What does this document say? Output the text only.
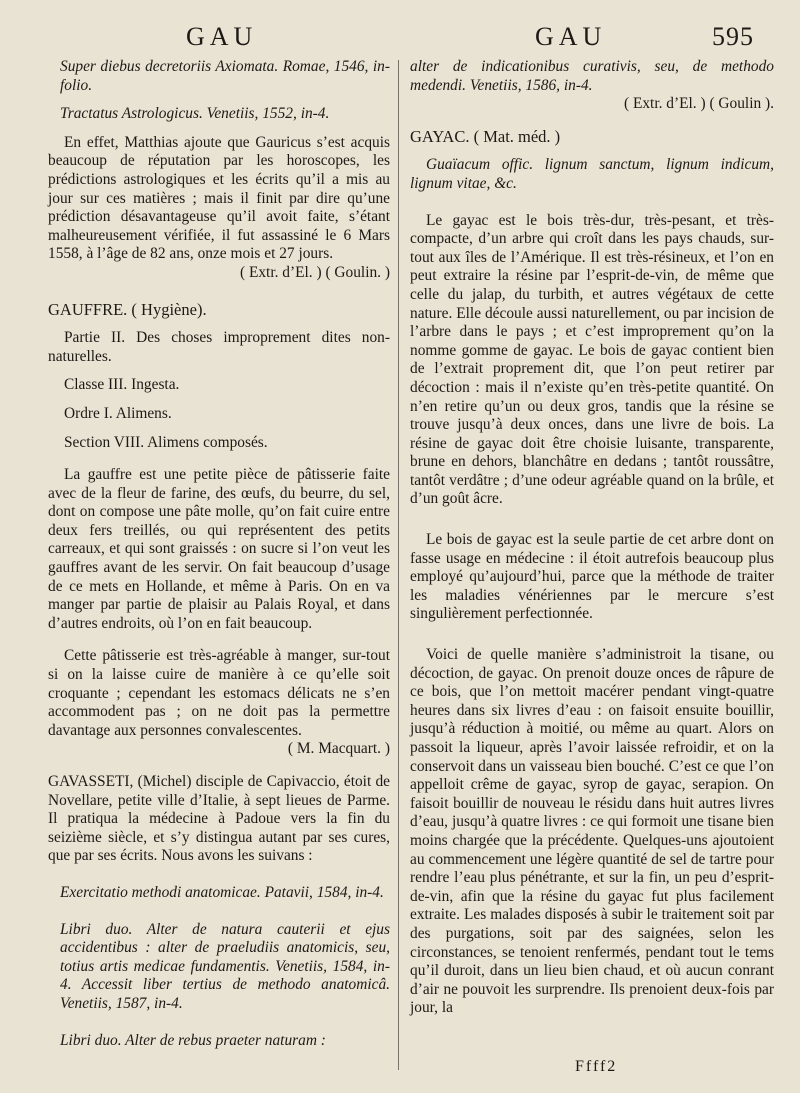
GAU	GAU	595

Super diebus decretoriis Axiomata. Romae, 1546, in-folio.

Tractatus Astrologicus. Venetiis, 1552, in-4.

En effet, Matthias ajoute que Gauricus s’est acquis beaucoup de réputation par les horoscopes, les prédictions astrologiques et les écrits qu’il a mis au jour sur ces matières ; mais il finit par dire qu’une prédiction désavantageuse qu’il avoit faite, s’étant malheureusement vérifiée, il fut assassiné le 6 Mars 1558, à l’âge de 82 ans, onze mois et 27 jours.

( Extr. d’El. ) ( Goulin. )

GAUFFRE. ( Hygiène).

Partie II. Des choses improprement dites non-naturelles.

Classe III. Ingesta.

Ordre I. Alimens.

Section VIII. Alimens composés.

La gauffre est une petite pièce de pâtisserie faite avec de la fleur de farine, des œufs, du beurre, du sel, dont on compose une pâte molle, qu’on fait cuire entre deux fers treillés, ou qui représentent des petits carreaux, et qui sont graissés : on sucre si l’on veut les gauffres avant de les servir. On fait beaucoup d’usage de ce mets en Hollande, et même à Paris. On en va manger par partie de plaisir au Palais Royal, et dans d’autres endroits, où l’on en fait beaucoup.

Cette pâtisserie est très-agréable à manger, sur-tout si on la laisse cuire de manière à ce qu’elle soit croquante ; cependant les estomacs délicats ne s’en accommodent pas ; on ne doit pas la permettre davantage aux personnes convalescentes.

( M. Macquart. )

GAVASSETI, (Michel) disciple de Capivaccio, étoit de Novellare, petite ville d’Italie, à sept lieues de Parme. Il pratiqua la médecine à Padoue vers la fin du seizième siècle, et s’y distingua autant par ses cures, que par ses écrits. Nous avons les suivans :

Exercitatio methodi anatomicae. Patavii, 1584, in-4.

Libri duo. Alter de natura cauterii et ejus accidentibus : alter de praeludiis anatomicis, seu, totius artis medicae fundamentis. Venetiis, 1584, in-4. Accessit liber tertius de methodo anatomicâ. Venetiis, 1587, in-4.

Libri duo. Alter de rebus praeter naturam :

alter de indicationibus curativis, seu, de methodo medendi. Venetiis, 1586, in-4.

( Extr. d’El. ) ( Goulin ).

GAYAC. ( Mat. méd. )

Guaïacum offic. lignum sanctum, lignum indicum, lignum vitae, &c.

Le gayac est le bois très-dur, très-pesant, et très-compacte, d’un arbre qui croît dans les pays chauds, sur-tout aux îles de l’Amérique. Il est très-résineux, et l’on en peut extraire la résine par l’esprit-de-vin, de même que celle du jalap, du turbith, et autres végétaux de cette nature. Elle découle aussi naturellement, ou par incision de l’arbre dans le pays ; et c’est improprement qu’on la nomme gomme de gayac. Le bois de gayac contient bien de l’extrait proprement dit, que l’on peut retirer par décoction : mais il n’existe qu’en très-petite quantité. On n’en retire qu’un ou deux gros, tandis que la résine se trouve jusqu’à deux onces, dans une livre de bois. La résine de gayac doit être choisie luisante, transparente, brune en dehors, blanchâtre en dedans ; tantôt roussâtre, tantôt verdâtre ; d’une odeur agréable quand on la brûle, et d’un goût âcre.

Le bois de gayac est la seule partie de cet arbre dont on fasse usage en médecine : il étoit autrefois beaucoup plus employé qu’aujourd’hui, parce que la méthode de traiter les maladies vénériennes par le mercure s’est singulièrement perfectionnée.

Voici de quelle manière s’administroit la tisane, ou décoction, de gayac. On prenoit douze onces de râpure de ce bois, que l’on mettoit macérer pendant vingt-quatre heures dans six livres d’eau : on faisoit ensuite bouillir, jusqu’à réduction à moitié, ou même au quart. Alors on passoit la liqueur, après l’avoir laissée refroidir, et on la conservoit dans un vaisseau bien bouché. C’est ce que l’on appelloit crême de gayac, syrop de gayac, serapion. On faisoit bouillir de nouveau le résidu dans huit autres livres d’eau, jusqu’à quatre livres : ce qui formoit une tisane bien moins chargée que la précédente. Quelques-uns ajoutoient au commencement une légère quantité de sel de tartre pour rendre l’eau plus pénétrante, et sur la fin, un peu d’esprit-de-vin, afin que la résine du gayac fut plus facilement extraite. Les malades disposés à subir le traitement soit par des purgations, soit par des saignées, selon les circonstances, se tenoient renfermés, pendant tout le tems qu’il duroit, dans un lieu bien chaud, et où aucun conrant d’air ne pouvoit les surprendre. Ils prenoient deux-fois par jour, la

Ffff2
